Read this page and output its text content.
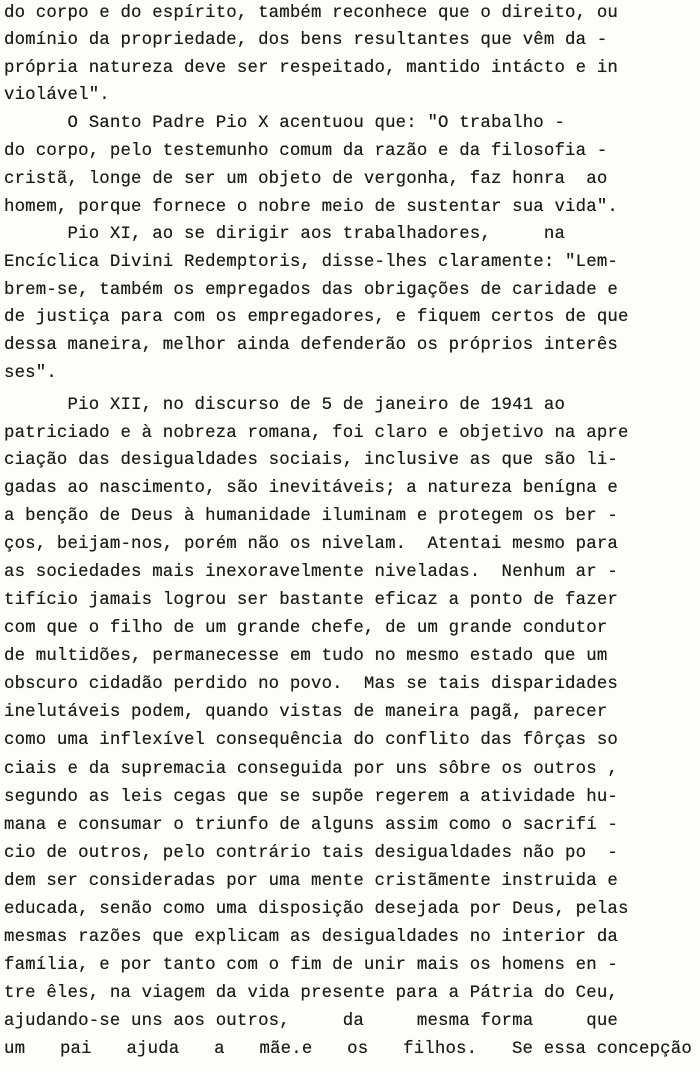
do corpo e do espírito, também reconhece que o direito, ou
domínio da propriedade, dos bens resultantes que vêm da -
própria natureza deve ser respeitado, mantido intácto e in
violável".
O Santo Padre Pio X acentuou que: "O trabalho -
do corpo, pelo testemunho comum da razão e da filosofia -
cristã, longe de ser um objeto de vergonha, faz honra  ao
homem, porque fornece o nobre meio de sustentar sua vida".
Pio XI, ao se dirigir aos trabalhadores,     na
Encíclica Divini Redemptoris, disse-lhes claramente: "Lem-
brem-se, também os empregados das obrigações de caridade e
de justiça para com os empregadores, e fiquem certos de que
dessa maneira, melhor ainda defenderão os próprios interês
ses".
Pio XII, no discurso de 5 de janeiro de 1941 ao
patriciado e à nobreza romana, foi claro e objetivo na apre
ciação das desigualdades sociais, inclusive as que são li-
gadas ao nascimento, são inevitáveis; a natureza benígna e
a benção de Deus à humanidade iluminam e protegem os ber -
ços, beijam-nos, porém não os nivelam.  Atentai mesmo para
as sociedades mais inexoravelmente niveladas.  Nenhum ar -
tifício jamais logrou ser bastante eficaz a ponto de fazer
com que o filho de um grande chefe, de um grande condutor
de multidões, permanecesse em tudo no mesmo estado que um
obscuro cidadão perdido no povo.  Mas se tais disparidades
inelutáveis podem, quando vistas de maneira pagã, parecer
como uma inflexível consequência do conflito das fôrças so
ciais e da supremacia conseguida por uns sôbre os outros ,
segundo as leis cegas que se supõe regerem a atividade hu-
mana e consumar o triunfo de alguns assim como o sacrifí -
cio de outros, pelo contrário tais desigualdades não po  -
dem ser consideradas por uma mente cristãmente instruida e
educada, senão como uma disposição desejada por Deus, pelas
mesmas razões que explicam as desigualdades no interior da
família, e por tanto com o fim de unir mais os homens en -
tre êles, na viagem da vida presente para a Pátria do Ceu,
ajudando-se uns aos outros,     da     mesma forma     que
um pai ajuda a mãe.e os filhos. Se essa concepção
